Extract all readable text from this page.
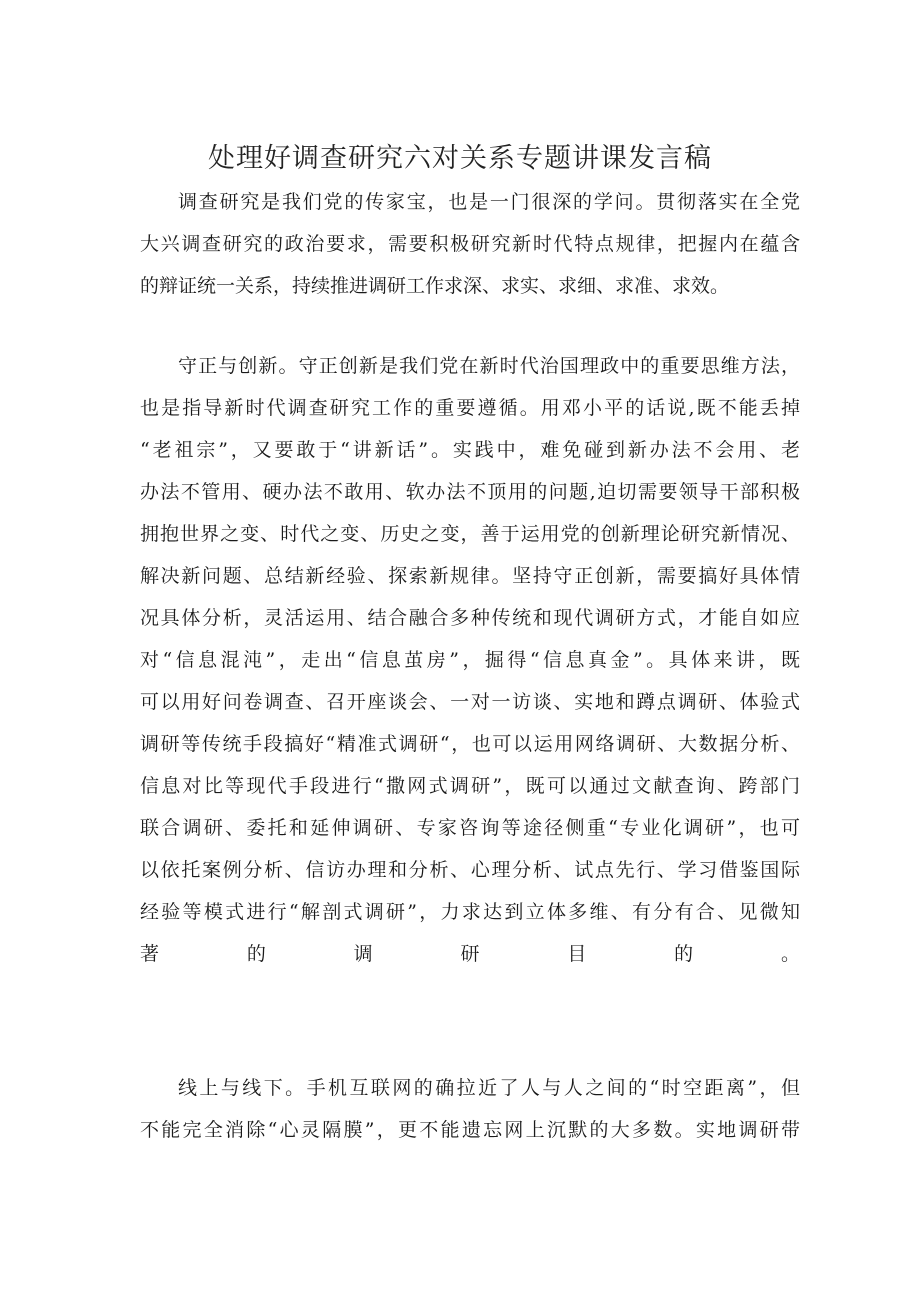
处理好调查研究六对关系专题讲课发言稿
调查研究是我们党的传家宝，也是一门很深的学问。贯彻落实在全党
大兴调查研究的政治要求，需要积极研究新时代特点规律，把握内在蕴含
的辩证统一关系，持续推进调研工作求深、求实、求细、求准、求效。
守正与创新。守正创新是我们党在新时代治国理政中的重要思维方法，
也是指导新时代调查研究工作的重要遵循。用邓小平的话说,既不能丢掉
“老祖宗”，又要敢于“讲新话”。实践中，难免碰到新办法不会用、老
办法不管用、硬办法不敢用、软办法不顶用的问题,迫切需要领导干部积极
拥抱世界之变、时代之变、历史之变，善于运用党的创新理论研究新情况、
解决新问题、总结新经验、探索新规律。坚持守正创新，需要搞好具体情
况具体分析，灵活运用、结合融合多种传统和现代调研方式，才能自如应
对“信息混沌”，走出“信息茧房”，掘得“信息真金”。具体来讲，既
可以用好问卷调查、召开座谈会、一对一访谈、实地和蹲点调研、体验式
调研等传统手段搞好“精准式调研“，也可以运用网络调研、大数据分析、
信息对比等现代手段进行“撒网式调研”，既可以通过文献查询、跨部门
联合调研、委托和延伸调研、专家咨询等途径侧重“专业化调研”，也可
以依托案例分析、信访办理和分析、心理分析、试点先行、学习借鉴国际
经验等模式进行“解剖式调研”，力求达到立体多维、有分有合、见微知
著的调研目的。
线上与线下。手机互联网的确拉近了人与人之间的“时空距离”，但
不能完全消除“心灵隔膜”，更不能遗忘网上沉默的大多数。实地调研带
